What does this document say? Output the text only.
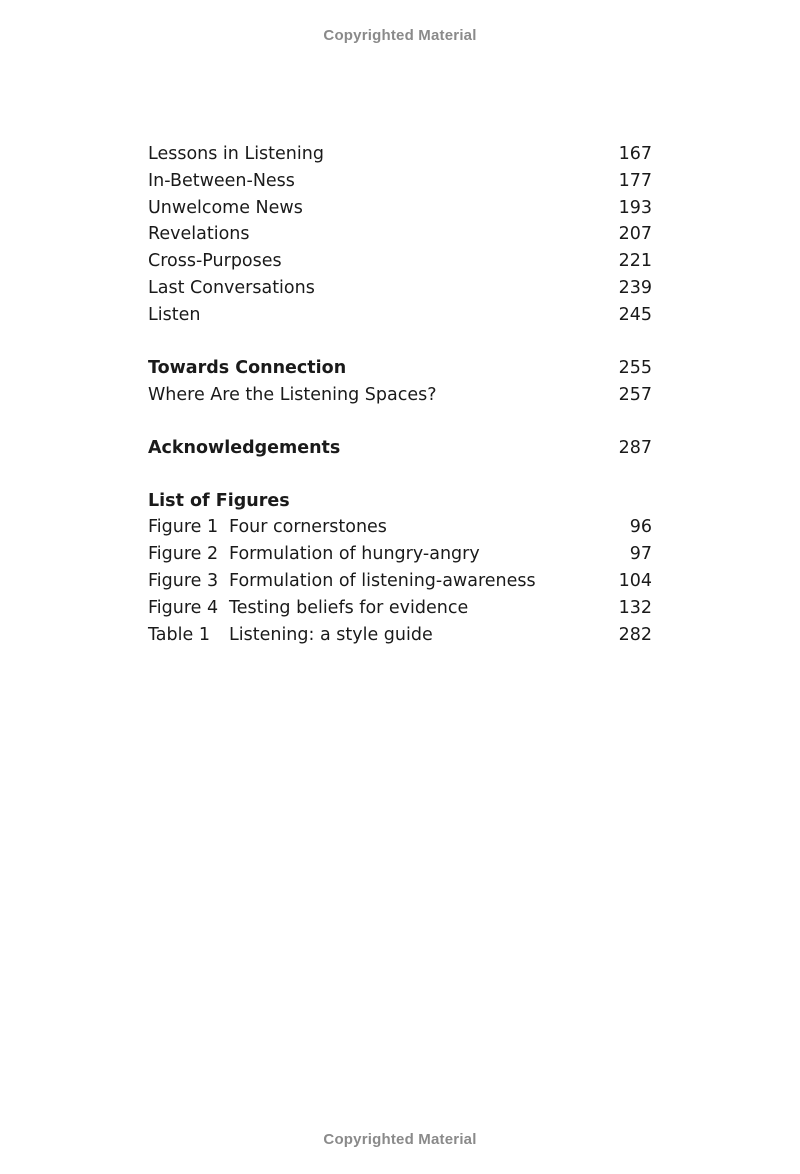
Copyrighted Material
Lessons in Listening	167
In-Between-Ness	177
Unwelcome News	193
Revelations	207
Cross-Purposes	221
Last Conversations	239
Listen	245
Towards Connection	255
Where Are the Listening Spaces?	257
Acknowledgements	287
List of Figures
Figure 1 Four cornerstones	96
Figure 2 Formulation of hungry-angry	97
Figure 3 Formulation of listening-awareness	104
Figure 4 Testing beliefs for evidence	132
Table 1	Listening: a style guide	282
Copyrighted Material
